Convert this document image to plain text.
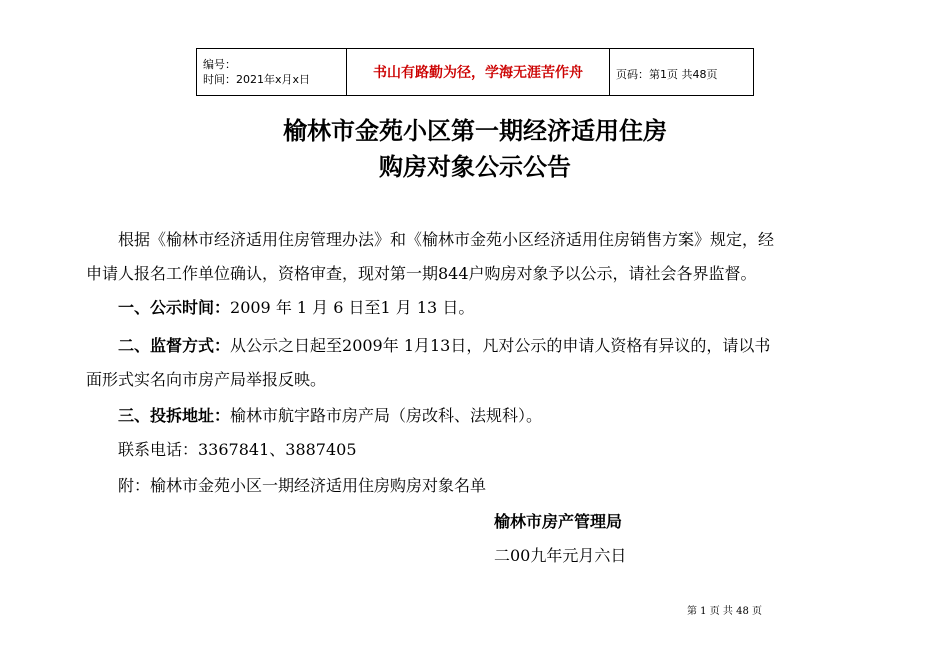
编号：
时间：2021年x月x日	书山有路勤为径，学海无涯苦作舟	页码：第1页 共48页
榆林市金苑小区第一期经济适用住房
购房对象公示公告
根据《榆林市经济适用住房管理办法》和《榆林市金苑小区经济适用住房销售方案》规定，经
申请人报名工作单位确认，资格审查，现对第一期844户购房对象予以公示，请社会各界监督。
一、公示时间：2009 年 1 月 6 日至1 月 13 日。
二、监督方式：从公示之日起至2009年 1月13日，凡对公示的申请人资格有异议的，请以书
面形式实名向市房产局举报反映。
三、投拆地址：榆林市航宇路市房产局（房改科、法规科）。
联系电话：3367841、3887405
附：榆林市金苑小区一期经济适用住房购房对象名单
榆林市房产管理局
二00九年元月六日
第 1 页 共 48 页
